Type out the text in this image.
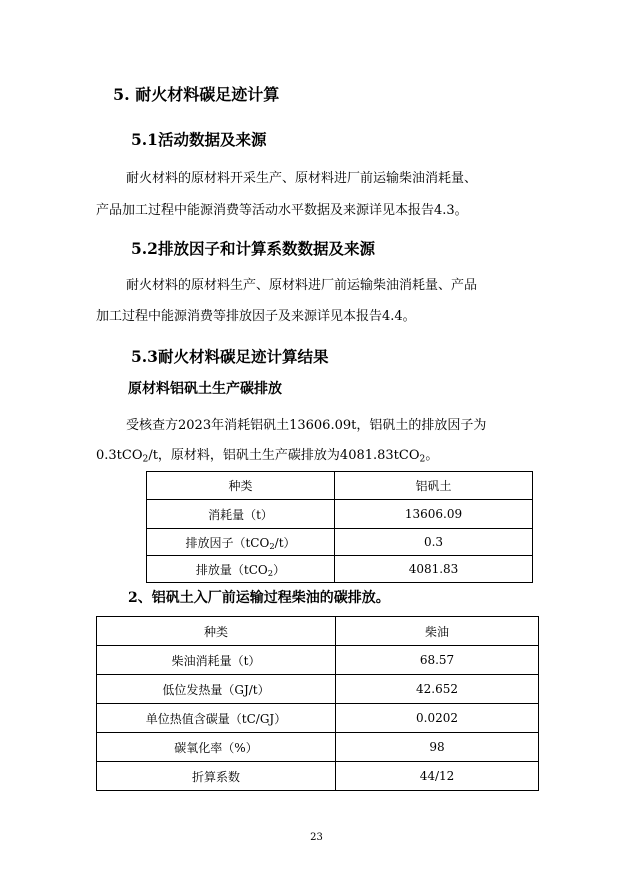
5. 耐火材料碳足迹计算
5.1活动数据及来源
耐火材料的原材料开采生产、原材料进厂前运输柴油消耗量、
产品加工过程中能源消费等活动水平数据及来源详见本报告4.3。
5.2排放因子和计算系数数据及来源
耐火材料的原材料生产、原材料进厂前运输柴油消耗量、产品
加工过程中能源消费等排放因子及来源详见本报告4.4。
5.3耐火材料碳足迹计算结果
原材料铝矾土生产碳排放
受核查方2023年消耗铝矾土13606.09t，铝矾土的排放因子为
0.3tCO$_2$/t，原材料，铝矾土生产碳排放为4081.83tCO$_2$。
种类	铝矾土
消耗量（t）	13606.09
排放因子（tCO$_2$/t）	0.3
排放量（tCO$_2$）	4081.83
2、铝矾土入厂前运输过程柴油的碳排放。
种类	柴油
柴油消耗量（t）	68.57
低位发热量（GJ/t）	42.652
单位热值含碳量（tC/GJ）	0.0202
碳氧化率（%）	98
折算系数	44/12
23
